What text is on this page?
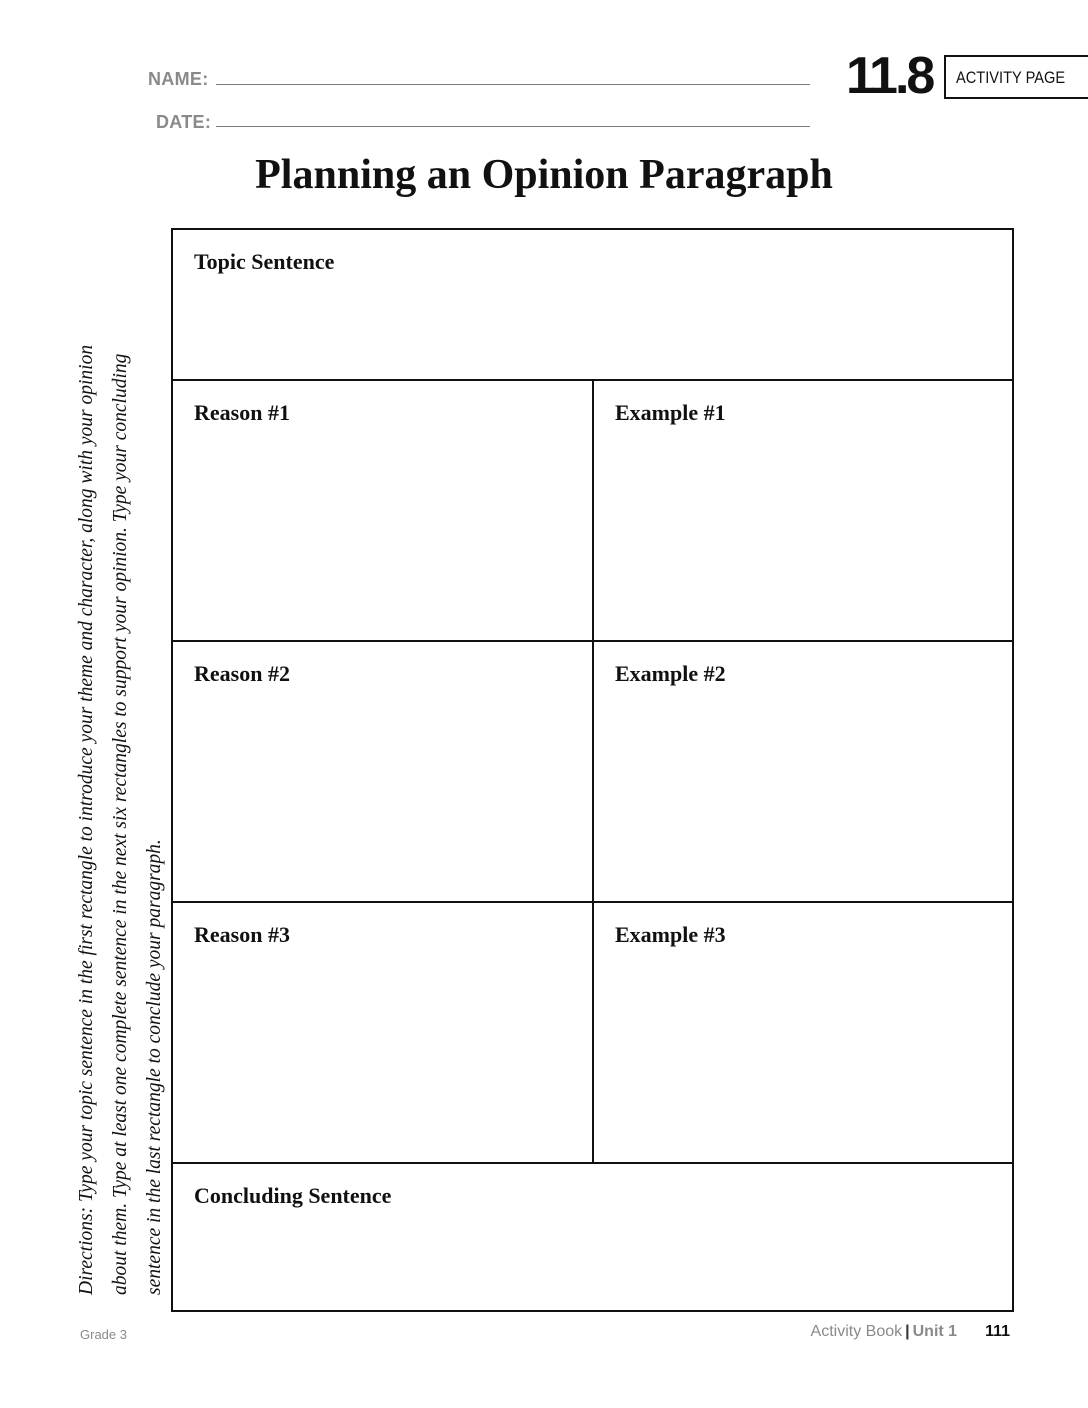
NAME:
DATE:
11.8 ACTIVITY PAGE
Planning an Opinion Paragraph
Directions: Type your topic sentence in the first rectangle to introduce your theme and character, along with your opinion about them. Type at least one complete sentence in the next six rectangles to support your opinion. Type your concluding sentence in the last rectangle to conclude your paragraph.
Topic Sentence
Reason #1	Example #1
Reason #2	Example #2
Reason #3	Example #3
Concluding Sentence
Grade 3	Activity Book | Unit 1 111
